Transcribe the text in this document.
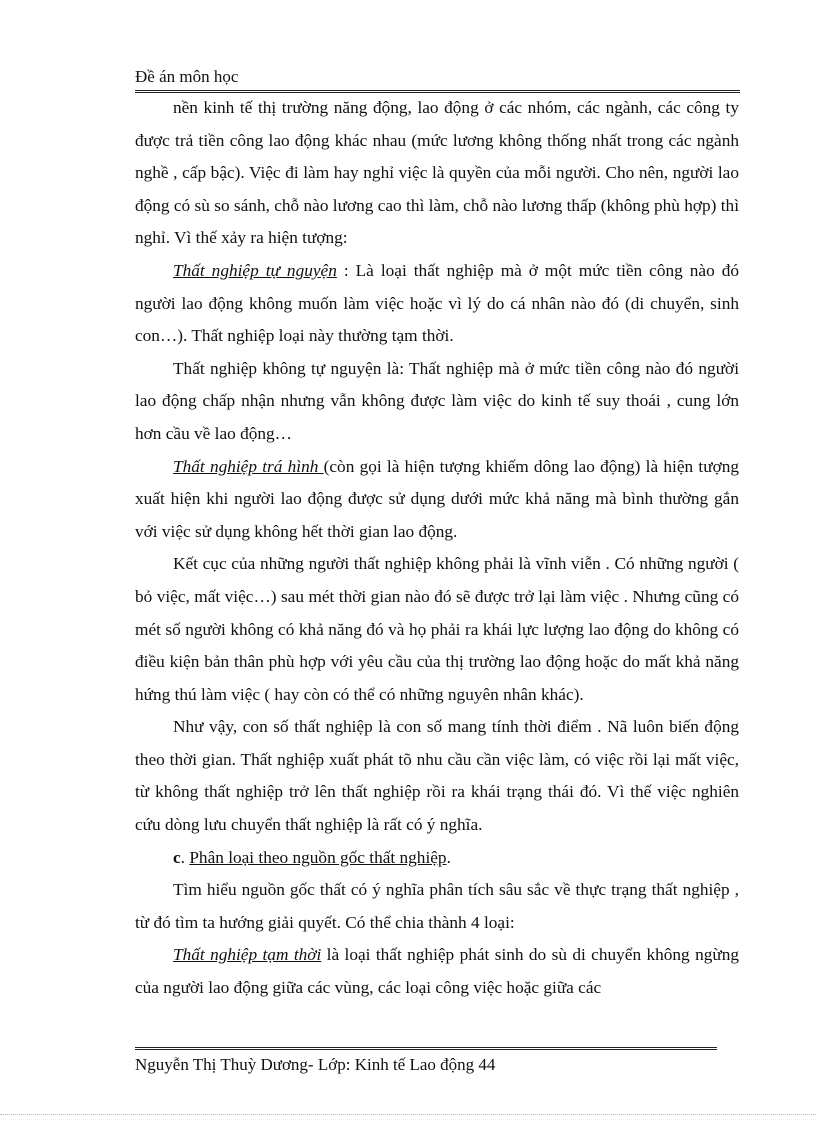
Đề án môn học

nền kinh tế thị trường năng động, lao động ở các nhóm, các ngành, các công ty được trả tiền công lao động khác nhau (mức lương không thống nhất trong các ngành nghề , cấp bậc). Việc đi làm hay nghỉ việc là quyền của mỗi người. Cho nên, người lao động có sù so sánh, chỗ nào lương cao thì làm, chỗ nào lương thấp (không phù hợp) thì nghỉ. Vì thế xảy ra hiện tượng:

Thất nghiệp tự nguyện : Là loại thất nghiệp mà ở một mức tiền công nào đó người lao động không muốn làm việc hoặc vì lý do cá nhân nào đó (di chuyển, sinh con…). Thất nghiệp loại này thường tạm thời.

Thất nghiệp không tự nguyện là: Thất nghiệp mà ở mức tiền công nào đó người lao động chấp nhận nhưng vẫn không được làm việc do kinh tế suy thoái , cung lớn hơn cầu về lao động…

Thất nghiệp trá hình (còn gọi là hiện tượng khiếm dông lao động) là hiện tượng xuất hiện khi người lao động được sử dụng dưới mức khả năng mà bình thường gắn với việc sử dụng không hết thời gian lao động.

Kết cục của những người thất nghiệp không phải là vĩnh viễn . Có những người ( bỏ việc, mất việc…) sau mét thời gian nào đó sẽ được trở lại làm việc . Nhưng cũng có mét số người không có khả năng đó và họ phải ra khái lực lượng lao động do không có điều kiện bản thân phù hợp với yêu cầu của thị trường lao động hoặc do mất khả năng hứng thú làm việc ( hay còn có thể có những nguyên nhân khác).

Như vậy, con số thất nghiệp là con số mang tính thời điểm . Nã luôn biến động theo thời gian. Thất nghiệp xuất phát tõ nhu cầu cần việc làm, có việc rồi lại mất việc, từ không thất nghiệp trở lên thất nghiệp rồi ra khái trạng thái đó. Vì thế việc nghiên cứu dòng lưu chuyển thất nghiệp là rất có ý nghĩa.

c. Phân loại theo nguồn gốc thất nghiệp.

Tìm hiểu nguồn gốc thất có ý nghĩa phân tích sâu sắc về thực trạng thất nghiệp , từ đó tìm ta hướng giải quyết. Có thể chia thành 4 loại:

Thất nghiệp tạm thời là loại thất nghiệp phát sinh do sù di chuyển không ngừng của người lao động giữa các vùng, các loại công việc hoặc giữa các

Nguyễn Thị Thuỳ Dương- Lớp: Kinh tế Lao động 44
